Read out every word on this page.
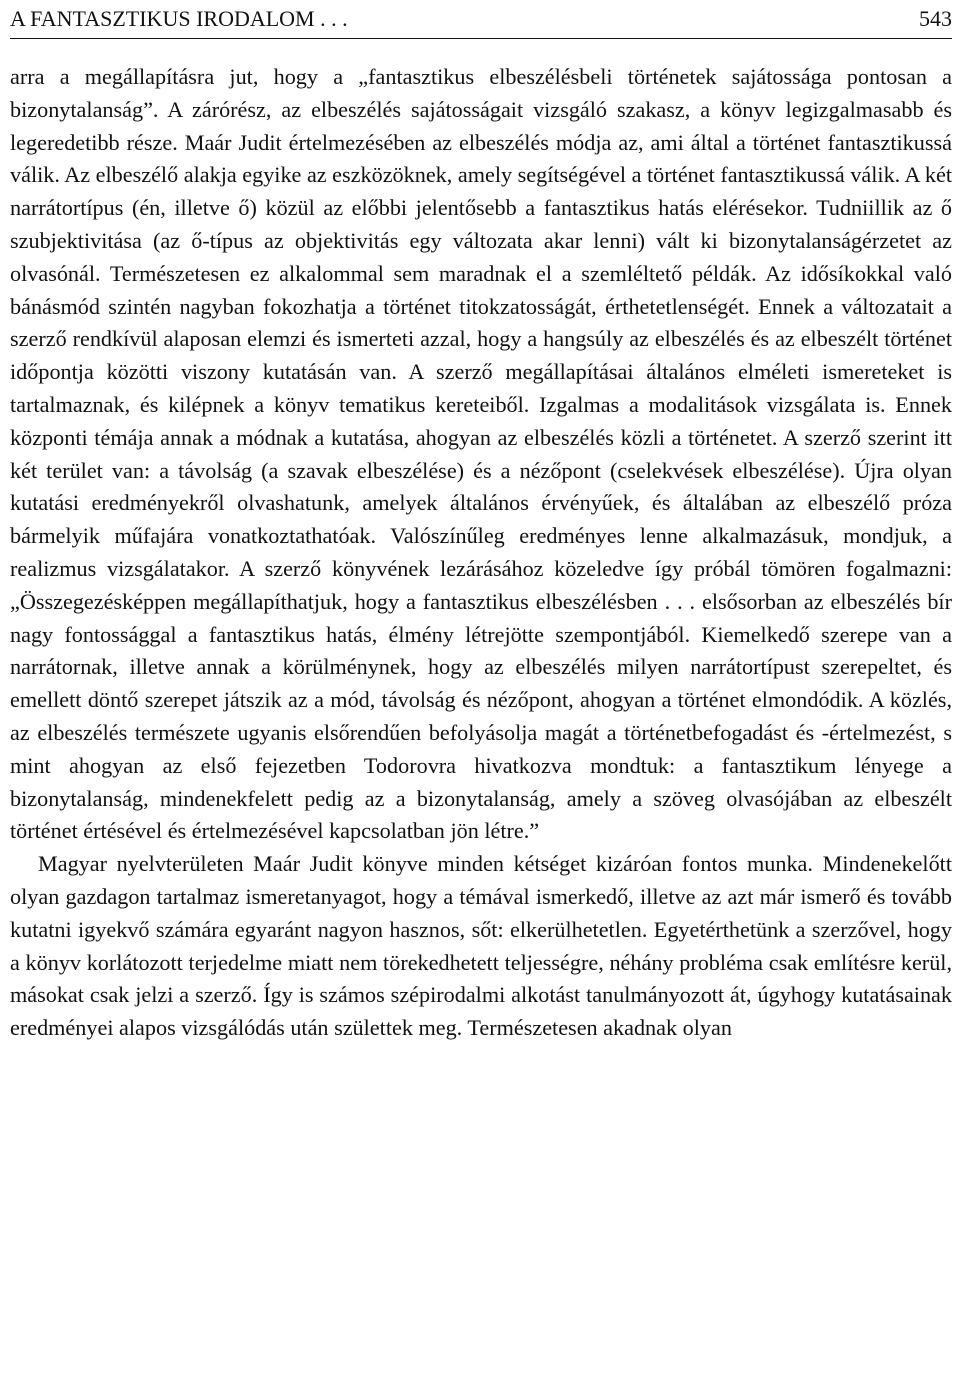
A FANTASZTIKUS IRODALOM . . .	543

arra a megállapításra jut, hogy a „fantasztikus elbeszélésbeli történetek sajátossága pontosan a bizonytalanság”. A zárórész, az elbeszélés sajátosságait vizsgáló szakasz, a könyv legizgalmasabb és legeredetibb része. Maár Judit értelmezésében az elbeszélés módja az, ami által a történet fantasztikussá válik. Az elbeszélő alakja egyike az eszközöknek, amely segítségével a történet fantasztikussá válik. A két narrátortípus (én, illetve ő) közül az előbbi jelentősebb a fantasztikus hatás elérésekor. Tudniillik az ő szubjektivitása (az ő-típus az objektivitás egy változata akar lenni) vált ki bizonytalanságérzetet az olvasónál. Természetesen ez alkalommal sem maradnak el a szemléltető példák. Az idősíkokkal való bánásmód szintén nagyban fokozhatja a történet titokzatosságát, érthetetlenségét. Ennek a változatait a szerző rendkívül alaposan elemzi és ismerteti azzal, hogy a hangsúly az elbeszélés és az elbeszélt történet időpontja közötti viszony kutatásán van. A szerző megállapításai általános elméleti ismereteket is tartalmaznak, és kilépnek a könyv tematikus kereteiből. Izgalmas a modalitások vizsgálata is. Ennek központi témája annak a módnak a kutatása, ahogyan az elbeszélés közli a történetet. A szerző szerint itt két terület van: a távolság (a szavak elbeszélése) és a nézőpont (cselekvések elbeszélése). Újra olyan kutatási eredményekről olvashatunk, amelyek általános érvényűek, és általában az elbeszélő próza bármelyik műfajára vonatkoztathatóak. Valószínűleg eredményes lenne alkalmazásuk, mondjuk, a realizmus vizsgálatakor. A szerző könyvének lezárásához közeledve így próbál tömören fogalmazni: „Összegezésképpen megállapíthatjuk, hogy a fantasztikus elbeszélésben . . . elsősorban az elbeszélés bír nagy fontossággal a fantasztikus hatás, élmény létrejötte szempontjából. Kiemelkedő szerepe van a narrátornak, illetve annak a körülménynek, hogy az elbeszélés milyen narrátortípust szerepeltet, és emellett döntő szerepet játszik az a mód, távolság és nézőpont, ahogyan a történet elmondódik. A közlés, az elbeszélés természete ugyanis elsőrendűen befolyásolja magát a történetbefogadást és -értelmezést, s mint ahogyan az első fejezetben Todorovra hivatkozva mondtuk: a fantasztikum lényege a bizonytalanság, mindenekfelett pedig az a bizonytalanság, amely a szöveg olvasójában az elbeszélt történet értésével és értelmezésével kapcsolatban jön létre.”

Magyar nyelvterületen Maár Judit könyve minden kétséget kizáróan fontos munka. Mindenekelőtt olyan gazdagon tartalmaz ismeretanyagot, hogy a témával ismerkedő, illetve az azt már ismerő és tovább kutatni igyekvő számára egyaránt nagyon hasznos, sőt: elkerülhetetlen. Egyetérthetünk a szerzővel, hogy a könyv korlátozott terjedelme miatt nem törekedhetett teljességre, néhány probléma csak említésre kerül, másokat csak jelzi a szerző. Így is számos szépirodalmi alkotást tanulmányozott át, úgyhogy kutatásainak eredményei alapos vizsgálódás után születtek meg. Természetesen akadnak olyan
